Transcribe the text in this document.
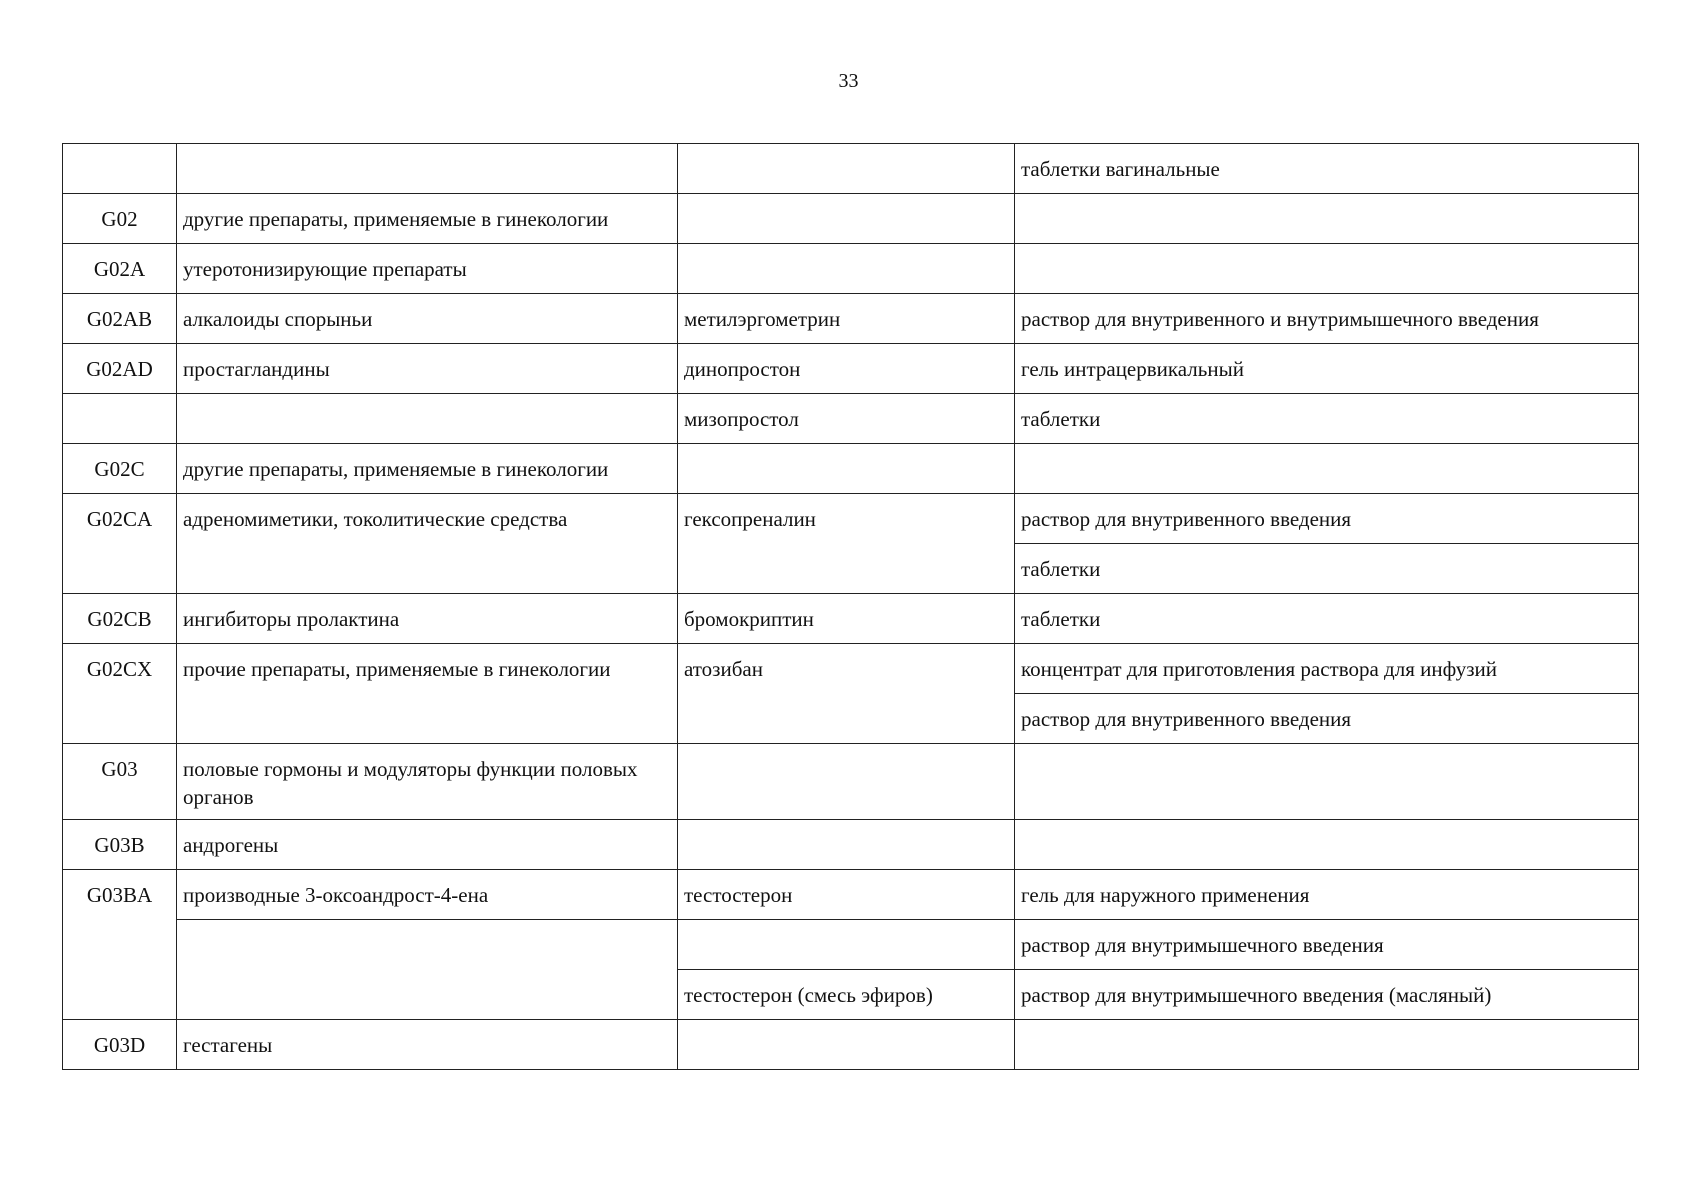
33
			таблетки вагинальные
G02	другие препараты, применяемые в гинекологии		
G02A	утеротонизирующие препараты		
G02AB	алкалоиды спорыньи	метилэргометрин	раствор для внутривенного и внутримышечного введения
G02AD	простагландины	динопростон	гель интрацервикальный
		мизопростол	таблетки
G02C	другие препараты, применяемые в гинекологии		
G02CA	адреномиметики, токолитические средства	гексопреналин	раствор для внутривенного введения
			таблетки
G02CB	ингибиторы пролактина	бромокриптин	таблетки
G02CX	прочие препараты, применяемые в гинекологии	атозибан	концентрат для приготовления раствора для инфузий
			раствор для внутривенного введения
G03	половые гормоны и модуляторы функции половых органов		
G03B	андрогены		
G03BA	производные 3-оксоандрост-4-ена	тестостерон	гель для наружного применения
			раствор для внутримышечного введения
		тестостерон (смесь эфиров)	раствор для внутримышечного введения (масляный)
G03D	гестагены		
